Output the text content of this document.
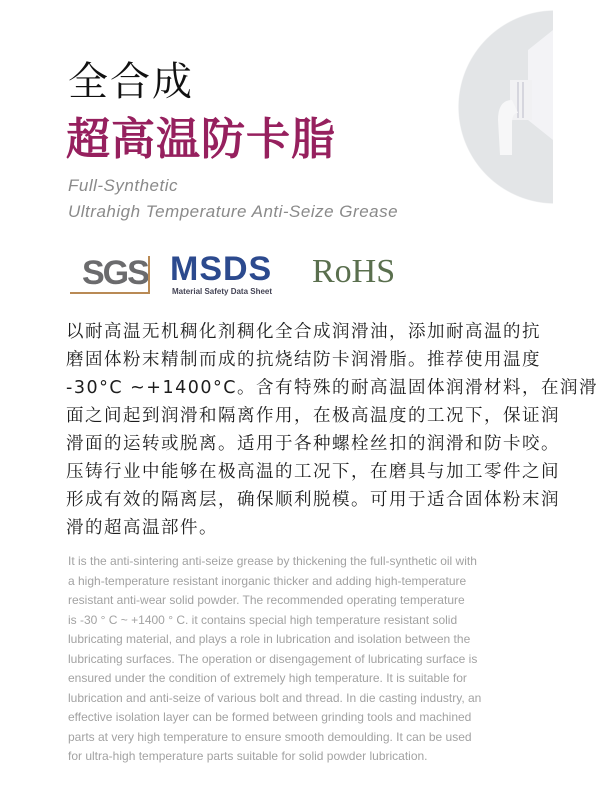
全合成
超高温防卡脂
Full-Synthetic
Ultrahigh Temperature Anti-Seize Grease
SGS MSDS
Material Safety Data Sheet
RoHS
以耐高温无机稠化剂稠化全合成润滑油，添加耐高温的抗
磨固体粉末精制而成的抗烧结防卡润滑脂。推荐使用温度
-30°C ~+1400°C。含有特殊的耐高温固体润滑材料，在润滑
面之间起到润滑和隔离作用，在极高温度的工况下，保证润
滑面的运转或脱离。适用于各种螺栓丝扣的润滑和防卡咬。
压铸行业中能够在极高温的工况下，在磨具与加工零件之间
形成有效的隔离层，确保顺利脱模。可用于适合固体粉末润
滑的超高温部件。
It is the anti-sintering anti-seize grease by thickening the full-synthetic oil with
a high-temperature resistant inorganic thicker and adding high-temperature
resistant anti-wear solid powder. The recommended operating temperature
is -30 ° C ~ +1400 ° C. it contains special high temperature resistant solid
lubricating material, and plays a role in lubrication and isolation between the
lubricating surfaces. The operation or disengagement of lubricating surface is
ensured under the condition of extremely high temperature. It is suitable for
lubrication and anti-seize of various bolt and thread. In die casting industry, an
effective isolation layer can be formed between grinding tools and machined
parts at very high temperature to ensure smooth demoulding. It can be used
for ultra-high temperature parts suitable for solid powder lubrication.
